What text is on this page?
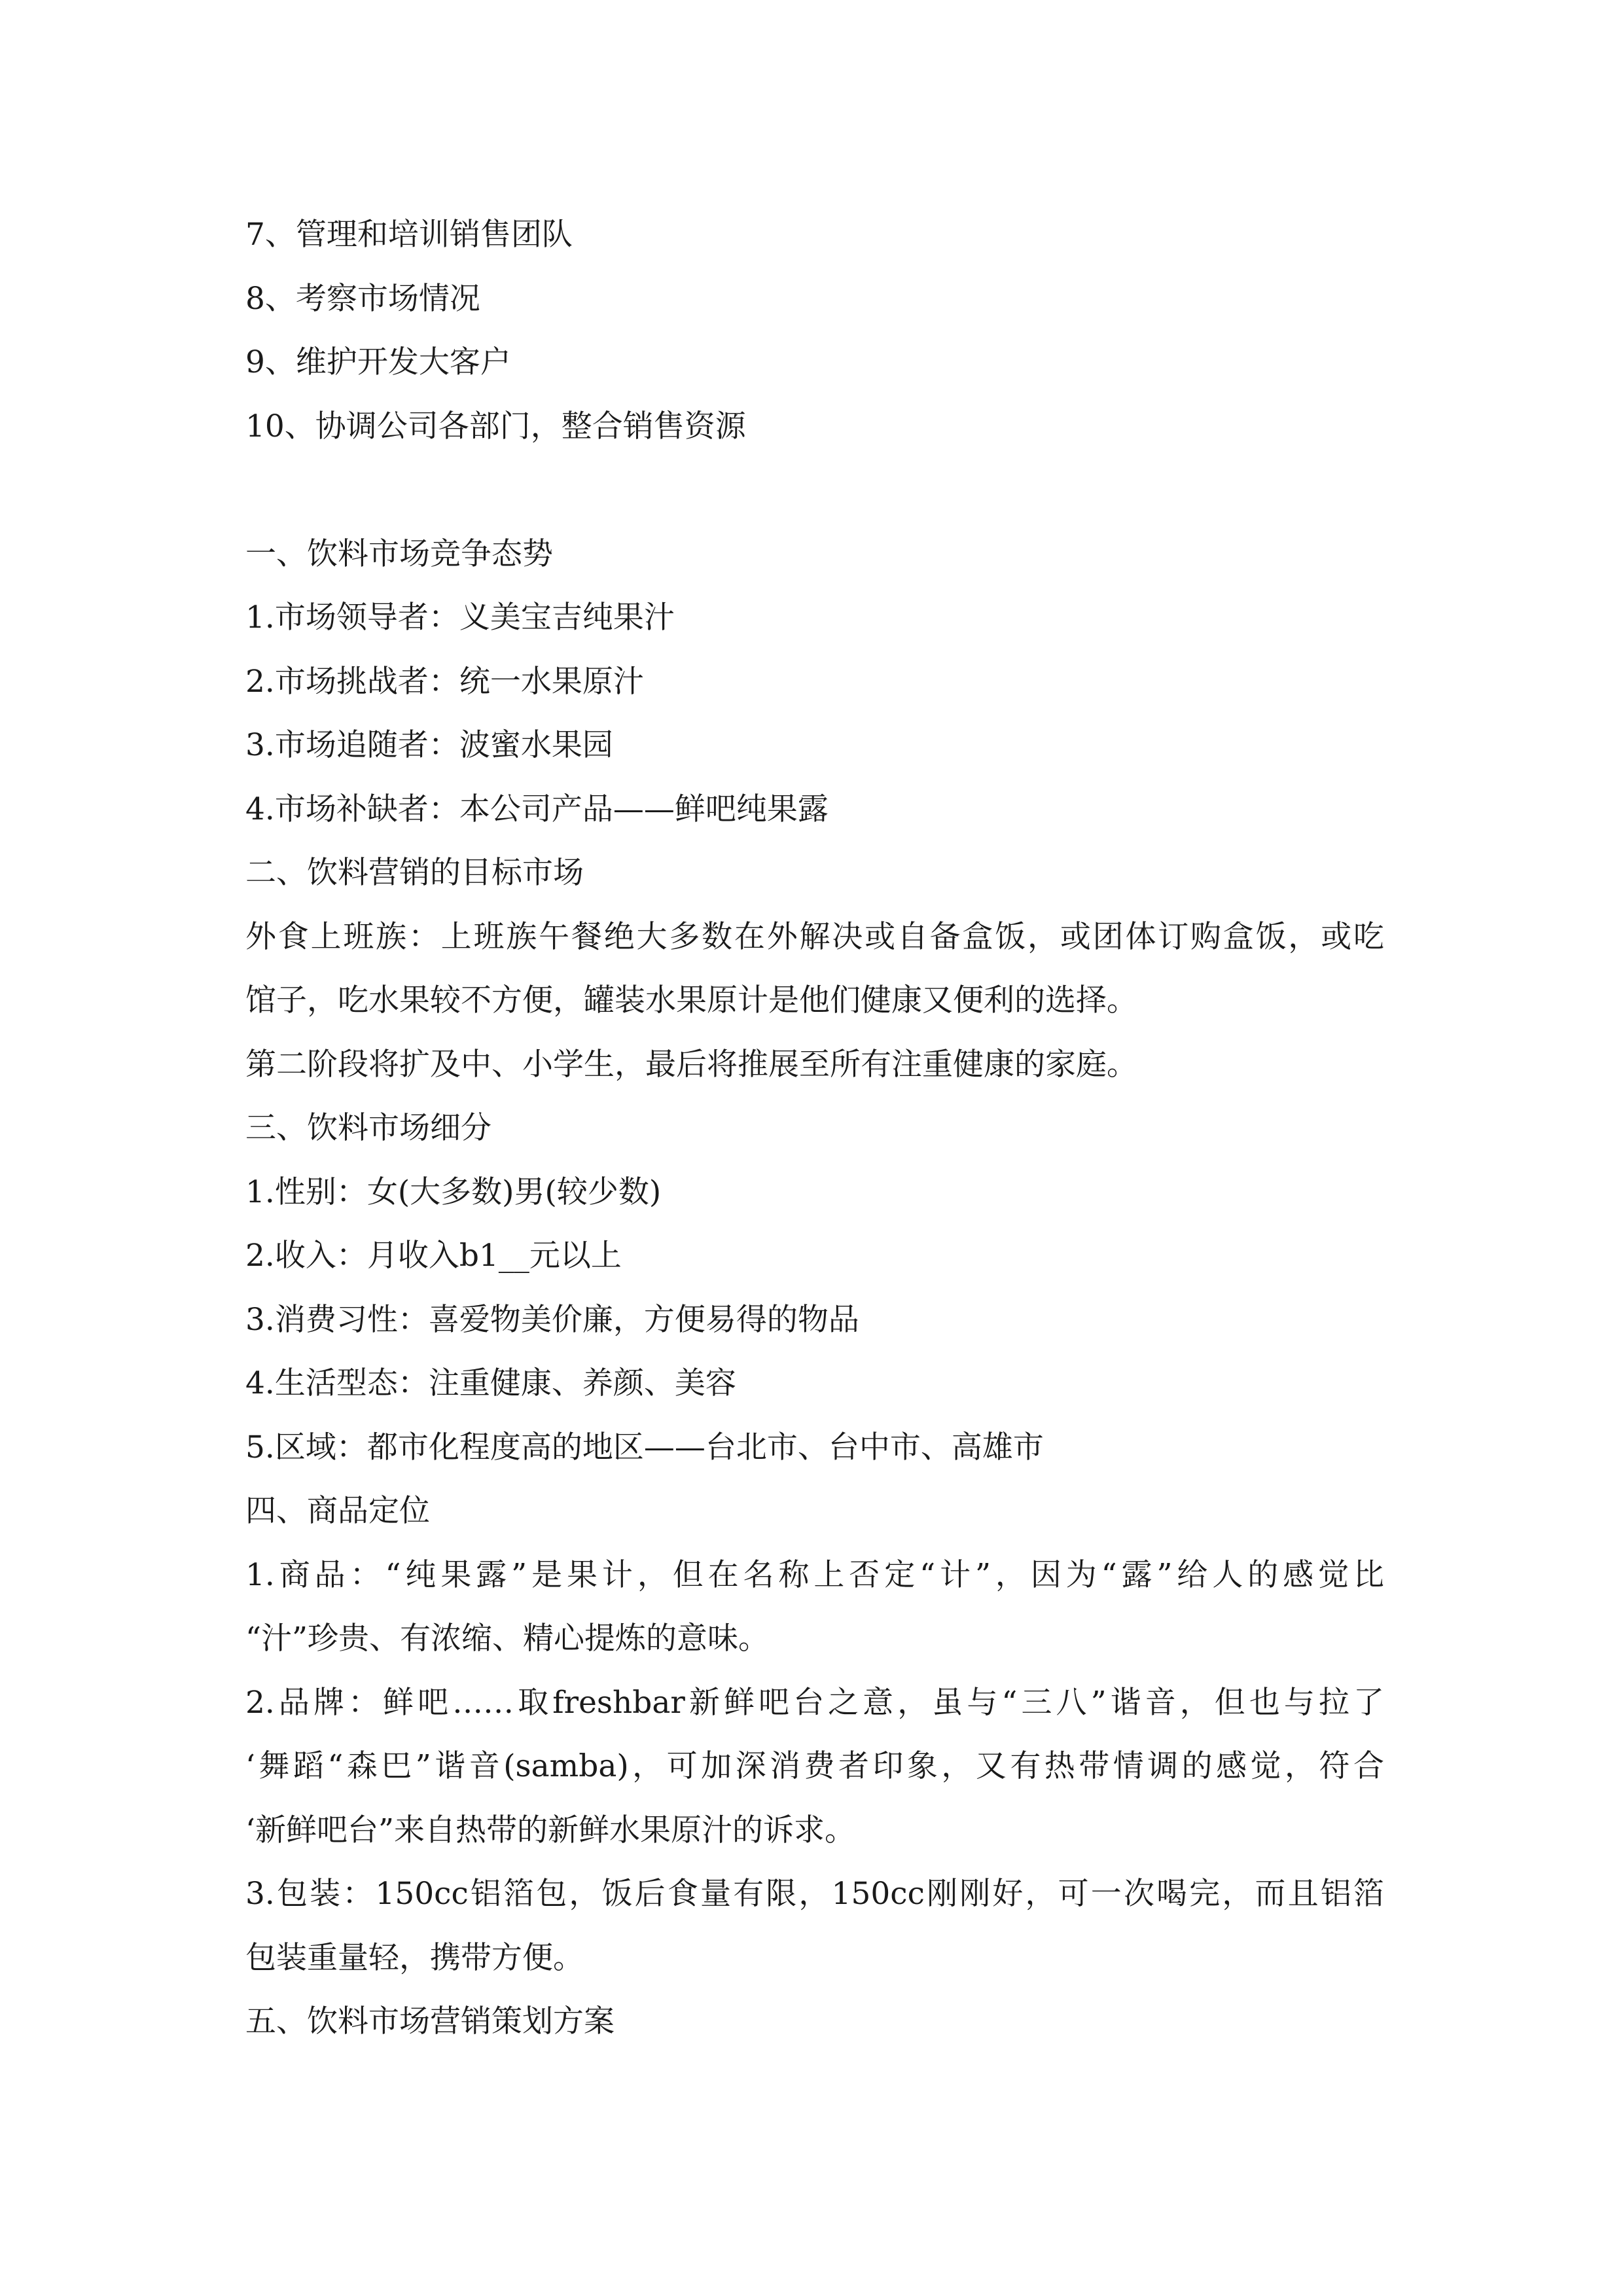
7、管理和培训销售团队
8、考察市场情况
9、维护开发大客户
10、协调公司各部门，整合销售资源
一、饮料市场竞争态势
1.市场领导者：义美宝吉纯果汁
2.市场挑战者：统一水果原汁
3.市场追随者：波蜜水果园
4.市场补缺者：本公司产品——鲜吧纯果露
二、饮料营销的目标市场
外食上班族：上班族午餐绝大多数在外解决或自备盒饭，或团体订购盒饭，或吃
馆子，吃水果较不方便，罐装水果原计是他们健康又便利的选择。
第二阶段将扩及中、小学生，最后将推展至所有注重健康的家庭。
三、饮料市场细分
1.性别：女(大多数)男(较少数)
2.收入：月收入b1__元以上
3.消费习性：喜爱物美价廉，方便易得的物品
4.生活型态：注重健康、养颜、美容
5.区域：都市化程度高的地区——台北市、台中市、高雄市
四、商品定位
1.商品：“纯果露”是果计，但在名称上否定“计”，因为“露”给人的感觉比
“汁”珍贵、有浓缩、精心提炼的意味。
2.品牌：鲜吧……取freshbar新鲜吧台之意，虽与“三八”谐音，但也与拉了
‘舞蹈“森巴”谐音(samba)，可加深消费者印象，又有热带情调的感觉，符合
‘新鲜吧台”来自热带的新鲜水果原汁的诉求。
3.包装：150cc铝箔包，饭后食量有限，150cc刚刚好，可一次喝完，而且铝箔
包装重量轻，携带方便。
五、饮料市场营销策划方案
